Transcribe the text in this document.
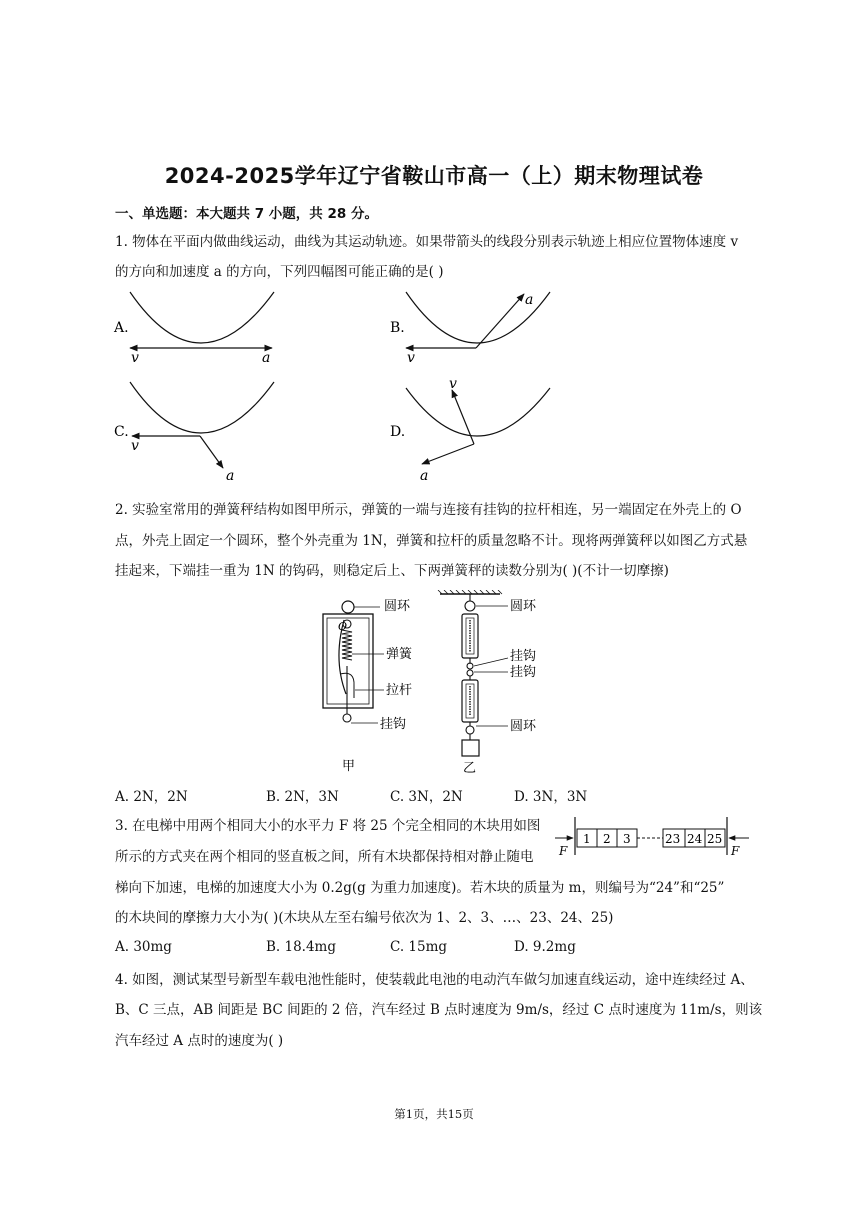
2024-2025学年辽宁省鞍山市高一（上）期末物理试卷
一、单选题：本大题共 7 小题，共 28 分。
1. 物体在平面内做曲线运动，曲线为其运动轨迹。如果带箭头的线段分别表示轨迹上相应位置物体速度 v
的方向和加速度 a 的方向，下列四幅图可能正确的是( )
A.
v	a
B.
v
a
C.
v
a
D.
v
a
2. 实验室常用的弹簧秤结构如图甲所示，弹簧的一端与连接有挂钩的拉杆相连，另一端固定在外壳上的 O
点，外壳上固定一个圆环，整个外壳重为 1N，弹簧和拉杆的质量忽略不计。现将两弹簧秤以如图乙方式悬
挂起来，下端挂一重为 1N 的钩码，则稳定后上、下两弹簧秤的读数分别为( )(不计一切摩擦)
O
圆环
弹簧
拉杆
挂钩
甲
圆环
挂钩
挂钩
圆环
乙
A. 2N，2N	B. 2N，3N	C. 3N，2N	D. 3N，3N
3. 在电梯中用两个相同大小的水平力 F 将 25 个完全相同的木块用如图
所示的方式夹在两个相同的竖直板之间，所有木块都保持相对静止随电
梯向下加速，电梯的加速度大小为 0.2g(g 为重力加速度)。若木块的质量为 m，则编号为“24”和“25”
的木块间的摩擦力大小为( )(木块从左至右编号依次为 1、2、3、…、23、24、25)
1 2 3	23 24 25
F	F
A. 30mg	B. 18.4mg	C. 15mg	D. 9.2mg
4. 如图，测试某型号新型车载电池性能时，使装载此电池的电动汽车做匀加速直线运动，途中连续经过 A、
B、C 三点，AB 间距是 BC 间距的 2 倍，汽车经过 B 点时速度为 9m/s，经过 C 点时速度为 11m/s，则该
汽车经过 A 点时的速度为( )
第1页，共15页
